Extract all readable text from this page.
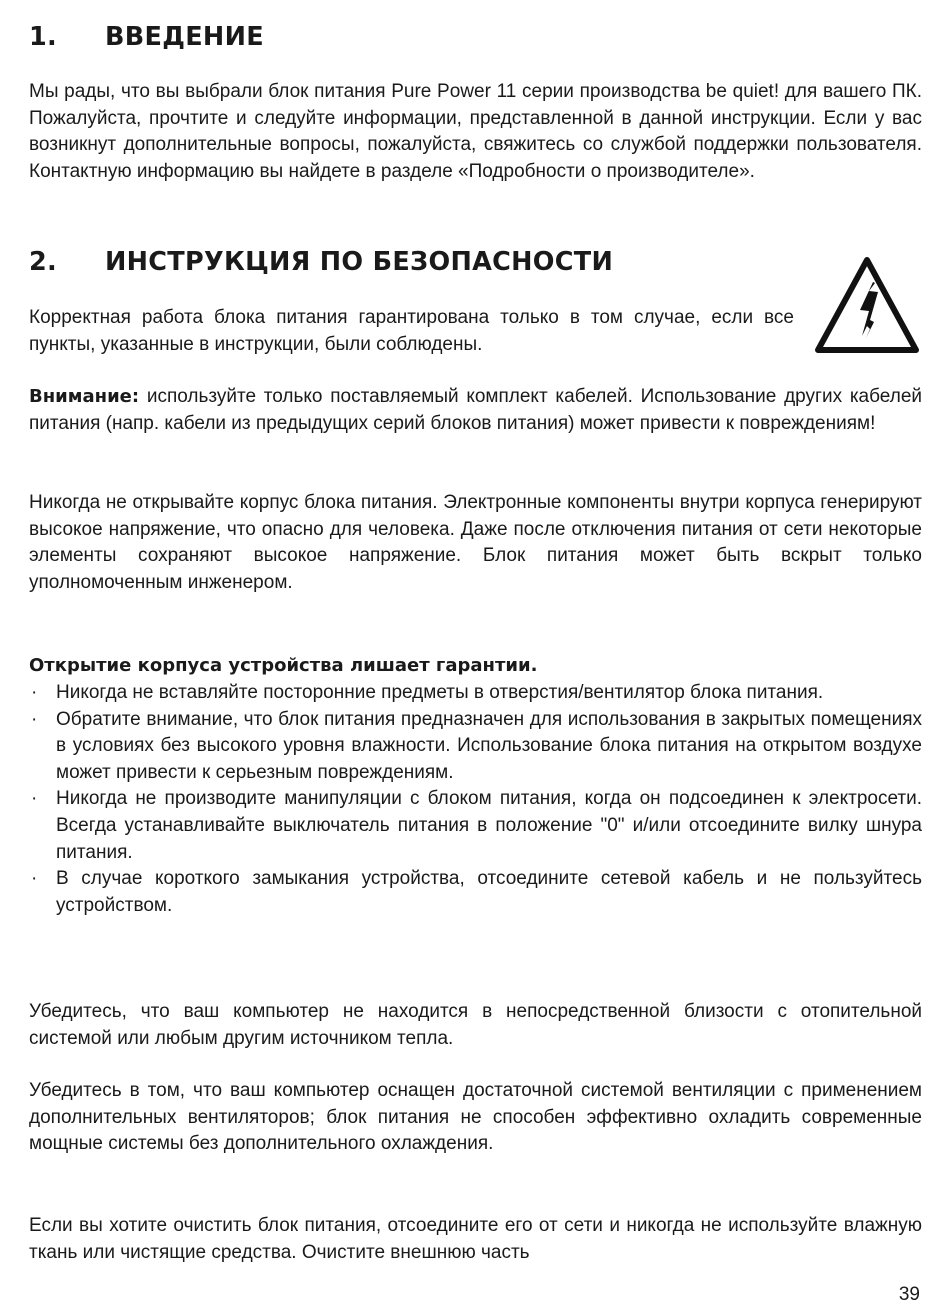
1. ВВЕДЕНИЕ

Мы рады, что вы выбрали блок питания Pure Power 11 серии производства be quiet! для вашего ПК. Пожалуйста, прочтите и следуйте информации, представленной в данной инструкции. Если у вас возникнут дополнительные вопросы, пожалуйста, свяжитесь со службой поддержки пользователя. Контактную информацию вы найдете в разделе «Подробности о производителе».

2. ИНСТРУКЦИЯ ПО БЕЗОПАСНОСТИ

Корректная работа блока питания гарантирована только в том случае, если все пункты, указанные в инструкции, были соблюдены.

Внимание: используйте только поставляемый комплект кабелей. Использование других кабелей питания (напр. кабели из предыдущих серий блоков питания) может привести к повреждениям!

Никогда не открывайте корпус блока питания. Электронные компоненты внутри корпуса генерируют высокое напряжение, что опасно для человека. Даже после отключения питания от сети некоторые элементы сохраняют высокое напряжение. Блок питания может быть вскрыт только уполномоченным инженером.

Открытие корпуса устройства лишает гарантии.

· Никогда не вставляйте посторонние предметы в отверстия/вентилятор блока питания.
· Обратите внимание, что блок питания предназначен для использования в закрытых помещениях в условиях без высокого уровня влажности. Использование блока питания на открытом воздухе может привести к серьезным повреждениям.
· Никогда не производите манипуляции с блоком питания, когда он подсоединен к электросети. Всегда устанавливайте выключатель питания в положение "0" и/или отсоедините вилку шнура питания.
· В случае короткого замыкания устройства, отсоедините сетевой кабель и не пользуйтесь устройством.

Убедитесь, что ваш компьютер не находится в непосредственной близости с отопительной системой или любым другим источником тепла.

Убедитесь в том, что ваш компьютер оснащен достаточной системой вентиляции с применением дополнительных вентиляторов; блок питания не способен эффективно охладить современные мощные системы без дополнительного охлаждения.

Если вы хотите очистить блок питания, отсоедините его от сети и никогда не используйте влажную ткань или чистящие средства. Очистите внешнюю часть

39
